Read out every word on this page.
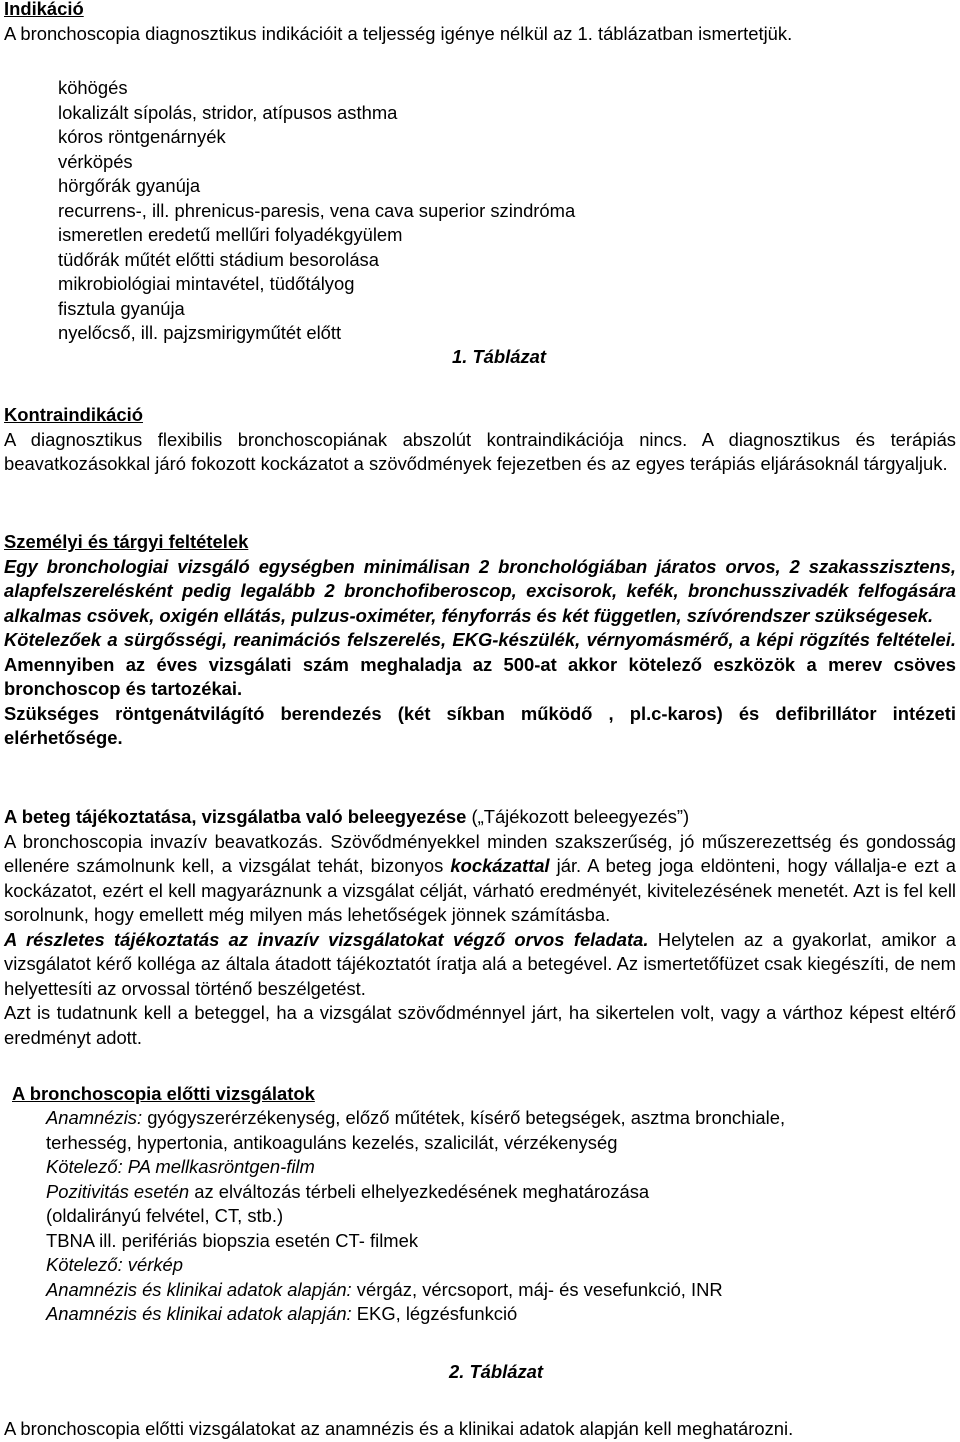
Indikáció
A bronchoscopia diagnosztikus indikációit a teljesség igénye nélkül az 1. táblázatban ismertetjük.
köhögés
lokalizált sípolás, stridor, atípusos asthma
kóros röntgenárnyék
vérköpés
hörgőrák gyanúja
recurrens-, ill. phrenicus-paresis, vena cava superior szindróma
ismeretlen eredetű mellűri folyadékgyülem
tüdőrák műtét előtti stádium besorolása
mikrobiológiai mintavétel, tüdőtályog
fisztula gyanúja
nyelőcső, ill. pajzsmirigyműtét előtt
1. Táblázat
Kontraindikáció
A diagnosztikus flexibilis bronchoscopiának abszolút kontraindikációja nincs. A diagnosztikus és terápiás beavatkozásokkal járó fokozott kockázatot a szövődmények fejezetben és az egyes terápiás eljárásoknál tárgyaljuk.
Személyi és tárgyi feltételek
Egy bronchologiai vizsgáló egységben minimálisan 2 bronchológiában járatos orvos, 2 szakasszisztens, alapfelszerelésként pedig legalább 2 bronchofiberoscop, excisorok, kefék, bronchusszivadék felfogására alkalmas csövek, oxigén ellátás, pulzus-oximéter, fényforrás és két független, szívórendszer szükségesek.
Kötelezőek a sürgősségi, reanimációs felszerelés, EKG-készülék, vérnyomásmérő, a képi rögzítés feltételei. Amennyiben az éves vizsgálati szám meghaladja az 500-at akkor kötelező eszközök a merev csöves bronchoscop és tartozékai.
Szükséges röntgenátvilágító berendezés (két síkban működő , pl.c-karos) és defibrillátor intézeti elérhetősége.
A beteg tájékoztatása, vizsgálatba való beleegyezése („Tájékozott beleegyezés”)
A bronchoscopia invazív beavatkozás. Szövődményekkel minden szakszerűség, jó műszerezettség és gondosság ellenére számolnunk kell, a vizsgálat tehát, bizonyos kockázattal jár. A beteg joga eldönteni, hogy vállalja-e ezt a kockázatot, ezért el kell magyaráznunk a vizsgálat célját, várható eredményét, kivitelezésének menetét. Azt is fel kell sorolnunk, hogy emellett még milyen más lehetőségek jönnek számításba.
A részletes tájékoztatás az invazív vizsgálatokat végző orvos feladata. Helytelen az a gyakorlat, amikor a vizsgálatot kérő kolléga az általa átadott tájékoztatót íratja alá a betegével. Az ismertetőfüzet csak kiegészíti, de nem helyettesíti az orvossal történő beszélgetést.
Azt is tudatnunk kell a beteggel, ha a vizsgálat szövődménnyel járt, ha sikertelen volt, vagy a várthoz képest eltérő eredményt adott.
A bronchoscopia előtti vizsgálatok
Anamnézis: gyógyszerérzékenység, előző műtétek, kísérő betegségek, asztma bronchiale,
terhesség, hypertonia, antikoaguláns kezelés, szalicilát, vérzékenység
Kötelező: PA mellkasröntgen-film
Pozitivitás esetén az elváltozás térbeli elhelyezkedésének meghatározása
(oldalirányú felvétel, CT, stb.)
TBNA ill. perifériás biopszia esetén CT- filmek
Kötelező: vérkép
Anamnézis és klinikai adatok alapján: vérgáz, vércsoport, máj- és vesefunkció, INR
Anamnézis és klinikai adatok alapján: EKG, légzésfunkció
2. Táblázat
A bronchoscopia előtti vizsgálatokat az anamnézis és a klinikai adatok alapján kell meghatározni.
